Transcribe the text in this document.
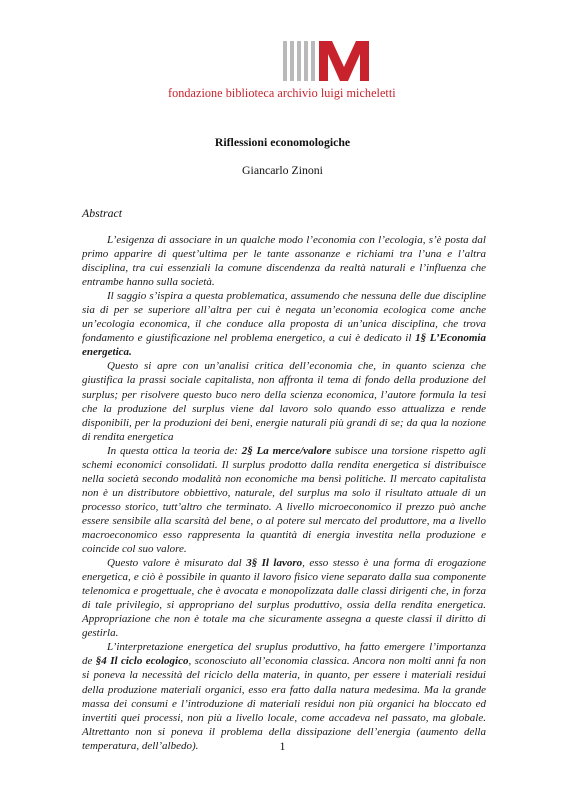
fondazione biblioteca archivio luigi micheletti
Riflessioni economologiche
Giancarlo Zinoni
Abstract

L’esigenza di associare in un qualche modo l’economia con l’ecologia, s’è posta dal primo apparire di quest’ultima per le tante assonanze e richiami tra l’una e l’altra disciplina, tra cui essenziali la comune discendenza da realtà naturali e l’influenza che entrambe hanno sulla società.

Il saggio s’ispira a questa problematica, assumendo che nessuna delle due discipline sia di per se superiore all’altra per cui è negata un’economia ecologica come anche un’ecologia economica, il che conduce alla proposta di un’unica disciplina, che trova fondamento e giustificazione nel problema energetico, a cui è dedicato il 1§ L’Economia energetica.

Questo si apre con un’analisi critica dell’economia che, in quanto scienza che giustifica la prassi sociale capitalista, non affronta il tema di fondo della produzione del surplus; per risolvere questo buco nero della scienza economica, l’autore formula la tesi che la produzione del surplus viene dal lavoro solo quando esso attualizza e rende disponibili, per la produzioni dei beni, energie naturali più grandi di se; da qua la nozione di rendita energetica

In questa ottica la teoria de: 2§ La merce/valore subisce una torsione rispetto agli schemi economici consolidati. Il surplus prodotto dalla rendita energetica si distribuisce nella società secondo modalità non economiche ma bensì politiche. Il mercato capitalista non è un distributore obbiettivo, naturale, del surplus ma solo il risultato attuale di un processo storico, tutt’altro che terminato. A livello microeconomico il prezzo può anche essere sensibile alla scarsità del bene, o al potere sul mercato del produttore, ma a livello macroeconomico esso rappresenta la quantità di energia investita nella produzione e coincide col suo valore.

Questo valore è misurato dal 3§ Il lavoro, esso stesso è una forma di erogazione energetica, e ciò è possibile in quanto il lavoro fisico viene separato dalla sua componente telenomica e progettuale, che è avocata e monopolizzata dalle classi dirigenti che, in forza di tale privilegio, si appropriano del surplus produttivo, ossia della rendita energetica. Appropriazione che non è totale ma che sicuramente assegna a queste classi il diritto di gestirla.

L’interpretazione energetica del sruplus produttivo, ha fatto emergere l’importanza de §4 Il ciclo ecologico, sconosciuto all’economia classica. Ancora non molti anni fa non si poneva la necessità del riciclo della materia, in quanto, per essere i materiali residui della produzione materiali organici, esso era fatto dalla natura medesima. Ma la grande massa dei consumi e l’introduzione di materiali residui non più organici ha bloccato ed invertiti quei processi, non più a livello locale, come accadeva nel passato, ma globale. Altrettanto non si poneva il problema della dissipazione dell’energia (aumento della temperatura, dell’albedo).	1
